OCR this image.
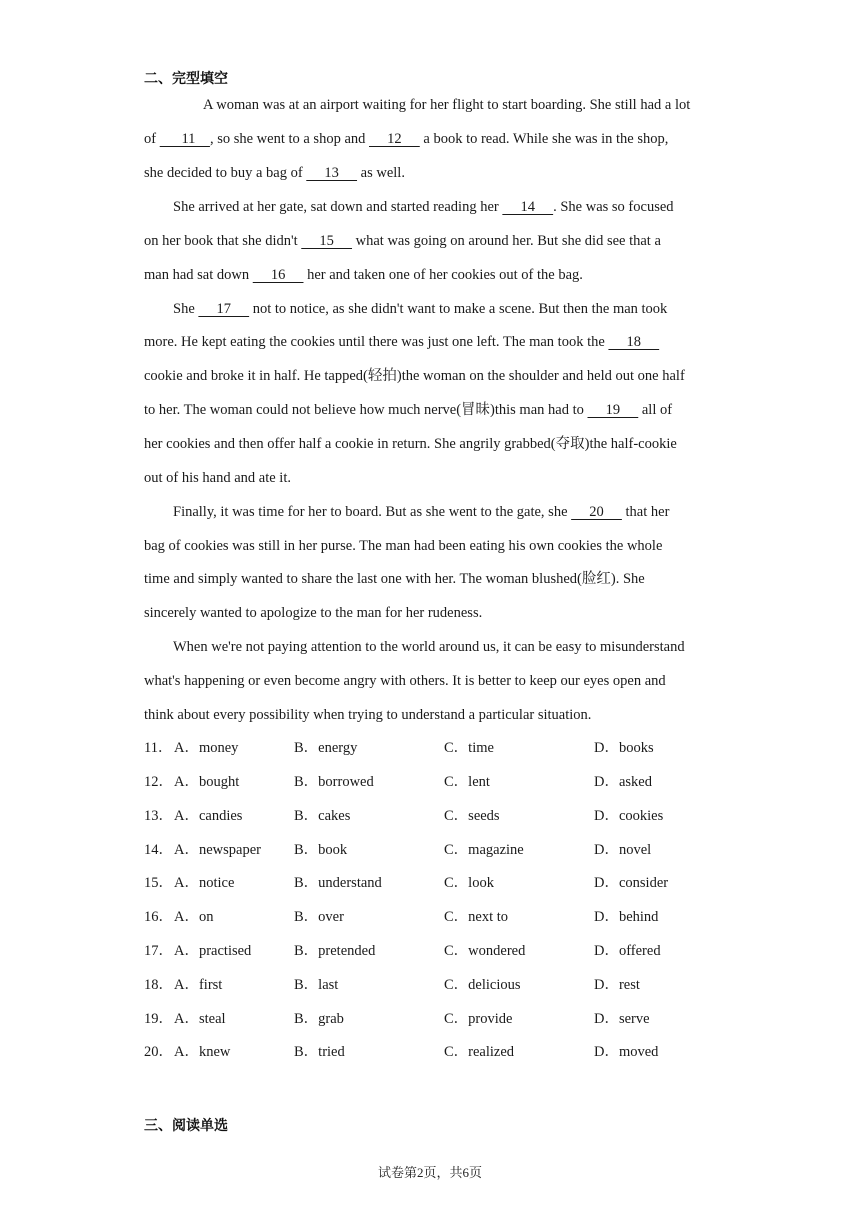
二、完型填空
A woman was at an airport waiting for her flight to start boarding. She still had a lot
of       11    , so she went to a shop and      12      a book to read. While she was in the shop,
she decided to buy a bag of      13      as well.
She arrived at her gate, sat down and started reading her      14     . She was so focused
on her book that she didn't      15      what was going on around her. But she did see that a
man had sat down      16      her and taken one of her cookies out of the bag.
She      17      not to notice, as she didn't want to make a scene. But then the man took
more. He kept eating the cookies until there was just one left. The man took the      18
cookie and broke it in half. He tapped(轻拍)the woman on the shoulder and held out one half
to her. The woman could not believe how much nerve(冒昧)this man had to      19      all of
her cookies and then offer half a cookie in return. She angrily grabbed(夺取)the half-cookie
out of his hand and ate it.
Finally, it was time for her to board. But as she went to the gate, she      20      that her
bag of cookies was still in her purse. The man had been eating his own cookies the whole
time and simply wanted to share the last one with her. The woman blushed(脸红). She
sincerely wanted to apologize to the man for her rudeness.
When we're not paying attention to the world around us, it can be easy to misunderstand
what's happening or even become angry with others. It is better to keep our eyes open and
think about every possibility when trying to understand a particular situation.
11． A．money	B．energy	C．time	D．books
12． A．bought	B．borrowed	C．lent	D．asked
13． A．candies	B．cakes	C．seeds	D．cookies
14． A．newspaper B．book	C．magazine	D．novel
15． A．notice	B．understand	C．look	D．consider
16． A．on	B．over	C．next to	D．behind
17． A．practised	B．pretended	C．wondered	D．offered
18． A．first	B．last	C．delicious	D．rest
19． A．steal	B．grab	C．provide	D．serve
20． A．knew	B．tried	C．realized	D．moved
三、阅读单选
试卷第2页，共6页
